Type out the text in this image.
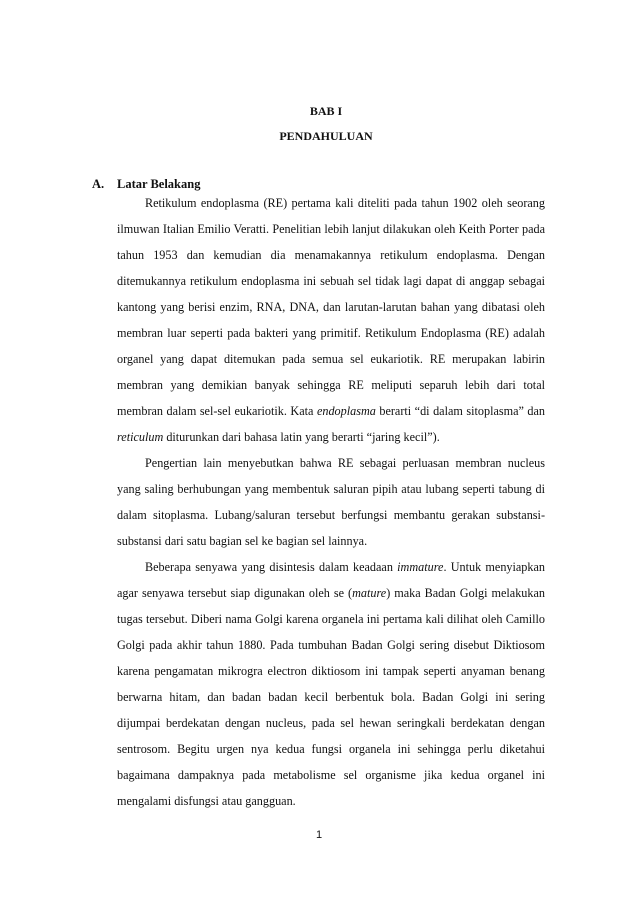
BAB I
PENDAHULUAN
A. Latar Belakang

Retikulum endoplasma (RE) pertama kali diteliti pada tahun 1902 oleh seorang ilmuwan Italian Emilio Veratti. Penelitian lebih lanjut dilakukan oleh Keith Porter pada tahun 1953 dan kemudian dia menamakannya retikulum endoplasma. Dengan ditemukannya retikulum endoplasma ini sebuah sel tidak lagi dapat di anggap sebagai kantong yang berisi enzim, RNA, DNA, dan larutan-larutan bahan yang dibatasi oleh membran luar seperti pada bakteri yang primitif. Retikulum Endoplasma (RE) adalah organel yang dapat ditemukan pada semua sel eukariotik. RE merupakan labirin membran yang demikian banyak sehingga RE meliputi separuh lebih dari total membran dalam sel-sel eukariotik. Kata endoplasma berarti “di dalam sitoplasma” dan reticulum diturunkan dari bahasa latin yang berarti “jaring kecil”).

Pengertian lain menyebutkan bahwa RE sebagai perluasan membran nucleus yang saling berhubungan yang membentuk saluran pipih atau lubang seperti tabung di dalam sitoplasma. Lubang/saluran tersebut berfungsi membantu gerakan substansi-substansi dari satu bagian sel ke bagian sel lainnya.

Beberapa senyawa yang disintesis dalam keadaan immature. Untuk menyiapkan agar senyawa tersebut siap digunakan oleh se (mature) maka Badan Golgi melakukan tugas tersebut. Diberi nama Golgi karena organela ini pertama kali dilihat oleh Camillo Golgi pada akhir tahun 1880. Pada tumbuhan Badan Golgi sering disebut Diktiosom karena pengamatan mikrogra electron diktiosom ini tampak seperti anyaman benang berwarna hitam, dan badan badan kecil berbentuk bola. Badan Golgi ini sering dijumpai berdekatan dengan nucleus, pada sel hewan seringkali berdekatan dengan sentrosom. Begitu urgen nya kedua fungsi organela ini sehingga perlu diketahui bagaimana dampaknya pada metabolisme sel organisme jika kedua organel ini mengalami disfungsi atau gangguan.

1
